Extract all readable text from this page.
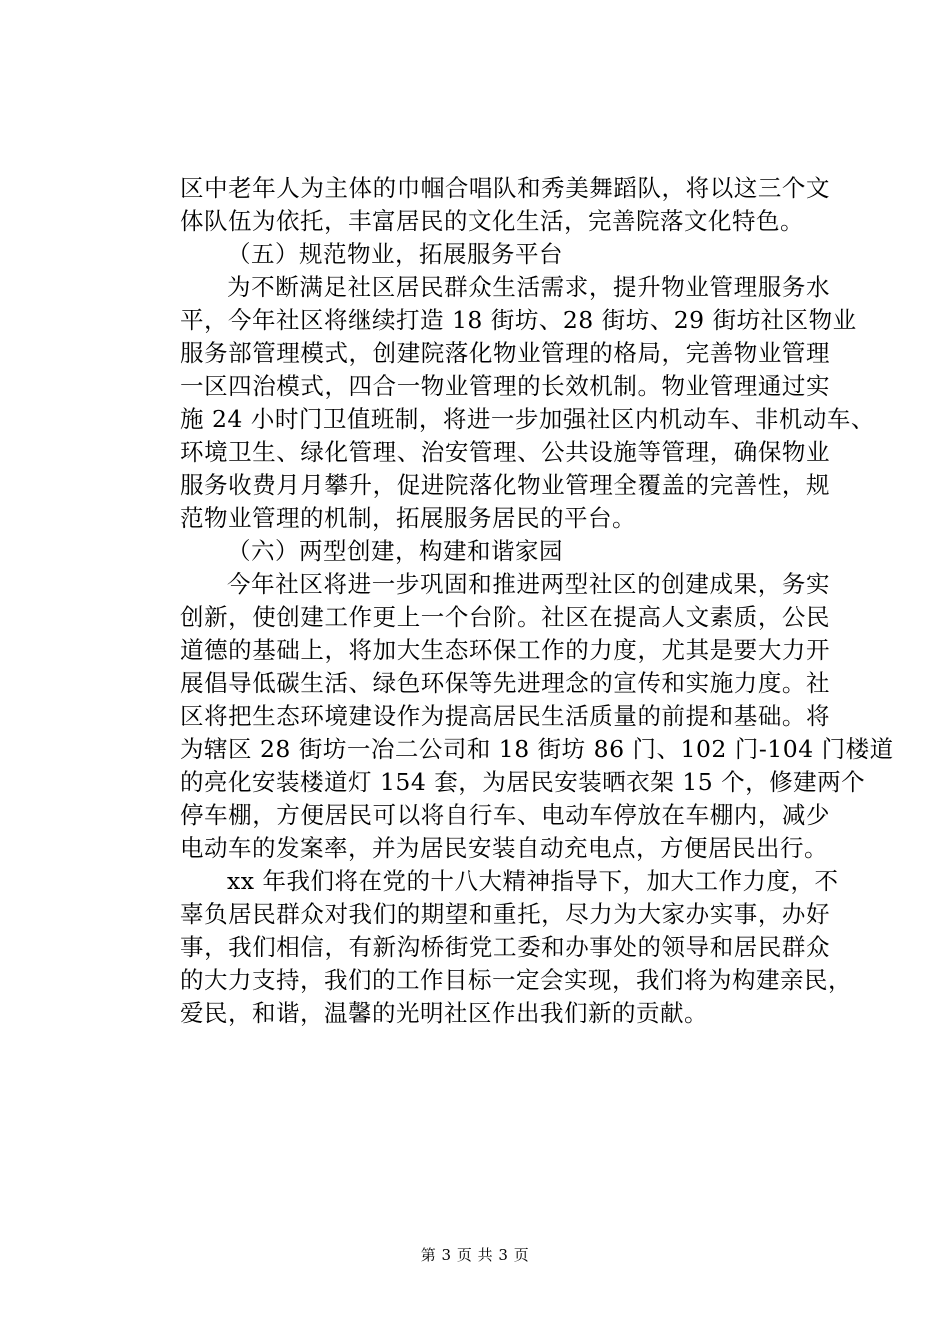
区中老年人为主体的巾帼合唱队和秀美舞蹈队，将以这三个文
体队伍为依托，丰富居民的文化生活，完善院落文化特色。
（五）规范物业，拓展服务平台
为不断满足社区居民群众生活需求，提升物业管理服务水
平，今年社区将继续打造 18 街坊、28 街坊、29 街坊社区物业
服务部管理模式，创建院落化物业管理的格局，完善物业管理
一区四治模式，四合一物业管理的长效机制。物业管理通过实
施 24 小时门卫值班制，将进一步加强社区内机动车、非机动车、
环境卫生、绿化管理、治安管理、公共设施等管理，确保物业
服务收费月月攀升，促进院落化物业管理全覆盖的完善性，规
范物业管理的机制，拓展服务居民的平台。
（六）两型创建，构建和谐家园
今年社区将进一步巩固和推进两型社区的创建成果，务实
创新，使创建工作更上一个台阶。社区在提高人文素质，公民
道德的基础上，将加大生态环保工作的力度，尤其是要大力开
展倡导低碳生活、绿色环保等先进理念的宣传和实施力度。社
区将把生态环境建设作为提高居民生活质量的前提和基础。将
为辖区 28 街坊一冶二公司和 18 街坊 86 门、102 门-104 门楼道
的亮化安装楼道灯 154 套，为居民安装晒衣架 15 个，修建两个
停车棚，方便居民可以将自行车、电动车停放在车棚内，减少
电动车的发案率，并为居民安装自动充电点，方便居民出行。
xx 年我们将在党的十八大精神指导下，加大工作力度，不
辜负居民群众对我们的期望和重托，尽力为大家办实事，办好
事，我们相信，有新沟桥街党工委和办事处的领导和居民群众
的大力支持，我们的工作目标一定会实现，我们将为构建亲民，
爱民，和谐，温馨的光明社区作出我们新的贡献。
第 3 页 共 3 页
